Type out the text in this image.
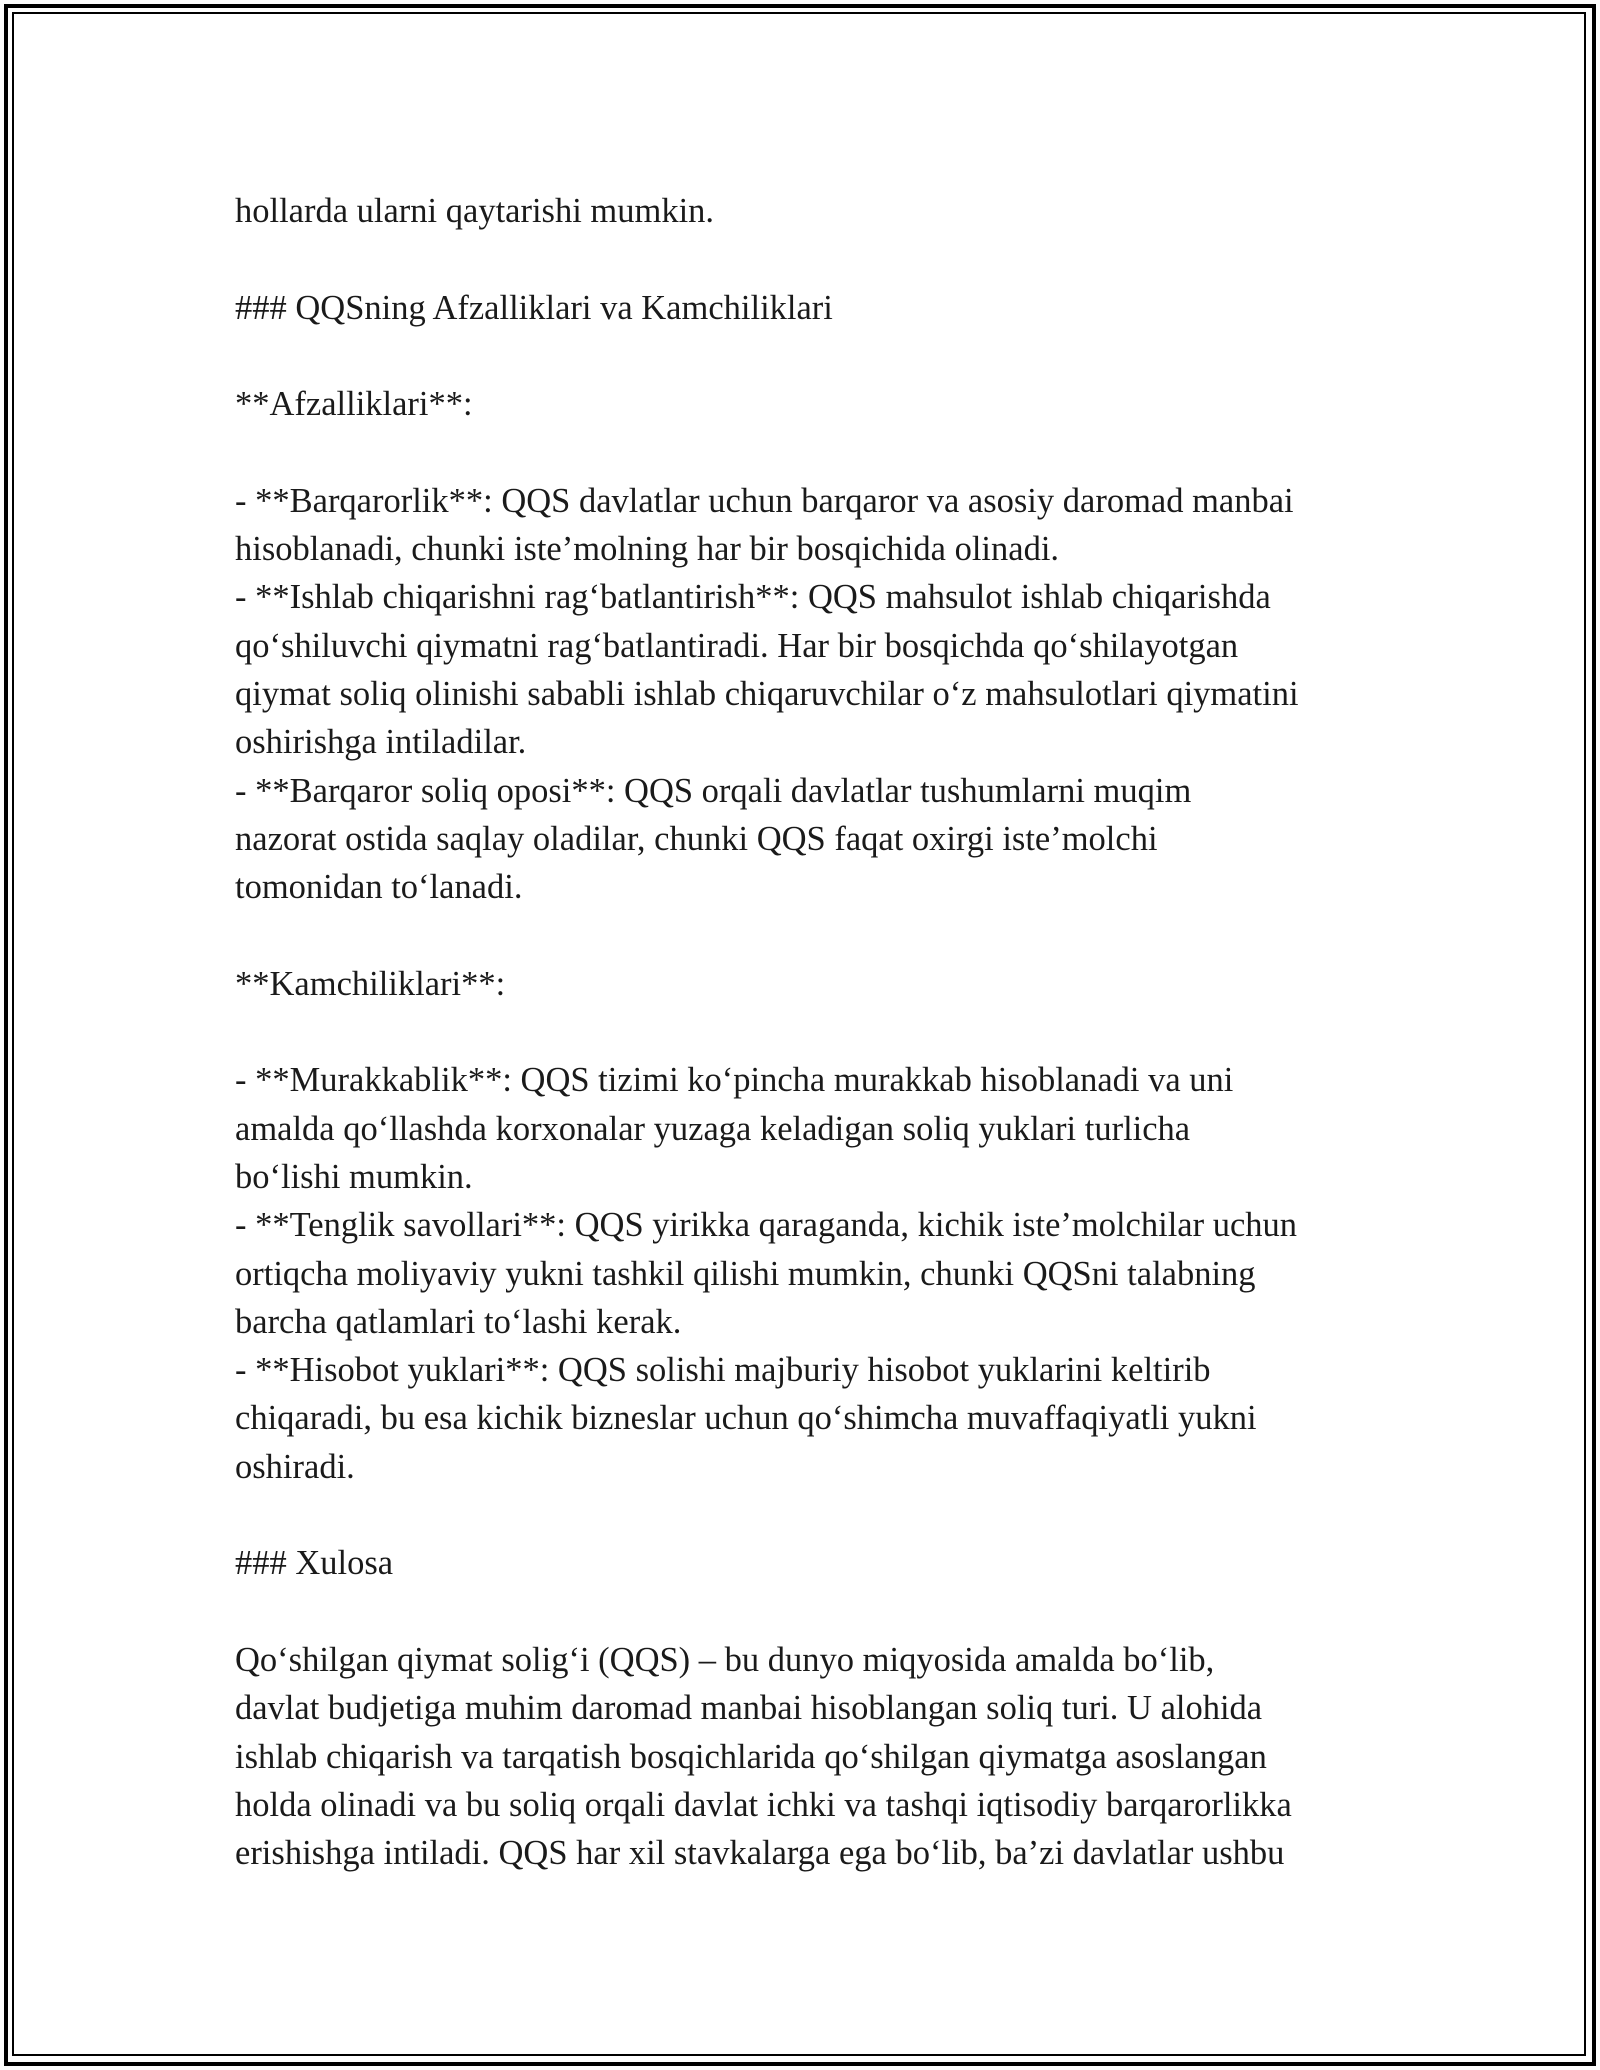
hollarda ularni qaytarishi mumkin.

### QQSning Afzalliklari va Kamchiliklari

**Afzalliklari**:

- **Barqarorlik**: QQS davlatlar uchun barqaror va asosiy daromad manbai

hisoblanadi, chunki iste’molning har bir bosqichida olinadi.

- **Ishlab chiqarishni rag‘batlantirish**: QQS mahsulot ishlab chiqarishda

qo‘shiluvchi qiymatni rag‘batlantiradi. Har bir bosqichda qo‘shilayotgan

qiymat soliq olinishi sababli ishlab chiqaruvchilar o‘z mahsulotlari qiymatini

oshirishga intiladilar.

- **Barqaror soliq oposi**: QQS orqali davlatlar tushumlarni muqim

nazorat ostida saqlay oladilar, chunki QQS faqat oxirgi iste’molchi

tomonidan to‘lanadi.

**Kamchiliklari**:

- **Murakkablik**: QQS tizimi ko‘pincha murakkab hisoblanadi va uni

amalda qo‘llashda korxonalar yuzaga keladigan soliq yuklari turlicha

bo‘lishi mumkin.

- **Tenglik savollari**: QQS yirikka qaraganda, kichik iste’molchilar uchun

ortiqcha moliyaviy yukni tashkil qilishi mumkin, chunki QQSni talabning

barcha qatlamlari to‘lashi kerak.

- **Hisobot yuklari**: QQS solishi majburiy hisobot yuklarini keltirib

chiqaradi, bu esa kichik bizneslar uchun qo‘shimcha muvaffaqiyatli yukni

oshiradi.

### Xulosa

Qo‘shilgan qiymat solig‘i (QQS) – bu dunyo miqyosida amalda bo‘lib,

davlat budjetiga muhim daromad manbai hisoblangan soliq turi. U alohida

ishlab chiqarish va tarqatish bosqichlarida qo‘shilgan qiymatga asoslangan

holda olinadi va bu soliq orqali davlat ichki va tashqi iqtisodiy barqarorlikka

erishishga intiladi. QQS har xil stavkalarga ega bo‘lib, ba’zi davlatlar ushbu
